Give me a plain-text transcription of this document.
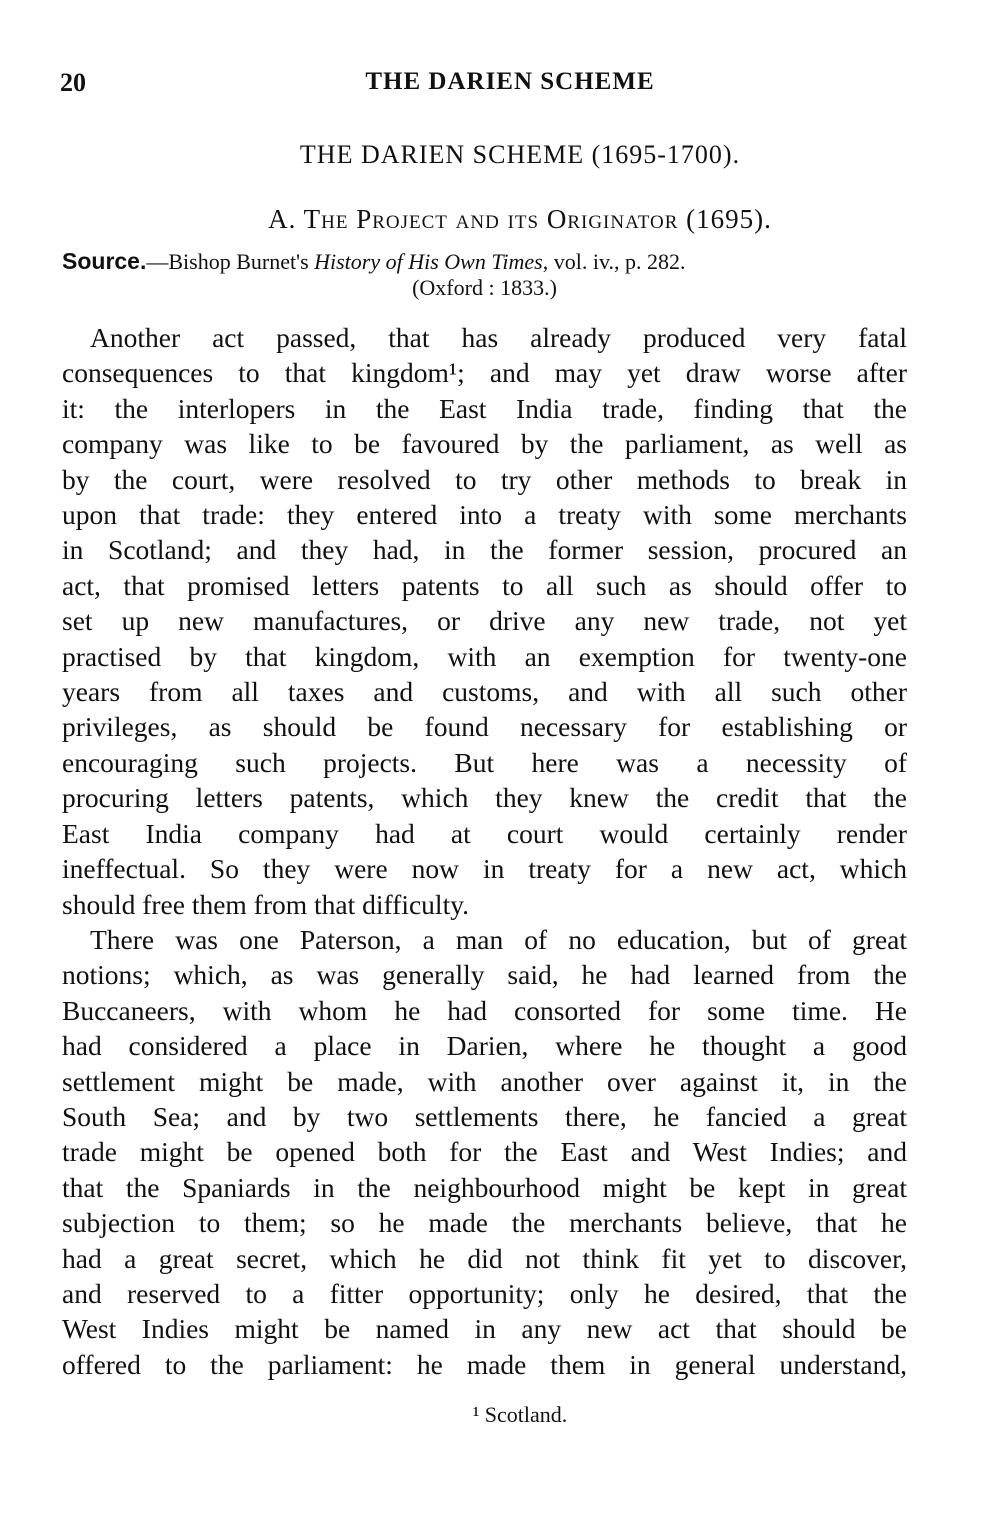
20	THE DARIEN SCHEME
THE DARIEN SCHEME (1695-1700).
A. The Project and its Originator (1695).
Source.—Bishop Burnet's History of His Own Times, vol. iv., p. 282.
(Oxford : 1833.)
Another act passed, that has already produced very fatal
consequences to that kingdom¹; and may yet draw worse after
it: the interlopers in the East India trade, finding that the
company was like to be favoured by the parliament, as well as
by the court, were resolved to try other methods to break in
upon that trade: they entered into a treaty with some merchants
in Scotland; and they had, in the former session, procured an
act, that promised letters patents to all such as should offer to
set up new manufactures, or drive any new trade, not yet
practised by that kingdom, with an exemption for twenty-one
years from all taxes and customs, and with all such other
privileges, as should be found necessary for establishing or
encouraging such projects. But here was a necessity of
procuring letters patents, which they knew the credit that the
East India company had at court would certainly render
ineffectual. So they were now in treaty for a new act, which
should free them from that difficulty.
There was one Paterson, a man of no education, but of great
notions; which, as was generally said, he had learned from the
Buccaneers, with whom he had consorted for some time. He
had considered a place in Darien, where he thought a good
settlement might be made, with another over against it, in the
South Sea; and by two settlements there, he fancied a great
trade might be opened both for the East and West Indies; and
that the Spaniards in the neighbourhood might be kept in great
subjection to them; so he made the merchants believe, that he
had a great secret, which he did not think fit yet to discover,
and reserved to a fitter opportunity; only he desired, that the
West Indies might be named in any new act that should be
offered to the parliament: he made them in general understand,
¹ Scotland.
